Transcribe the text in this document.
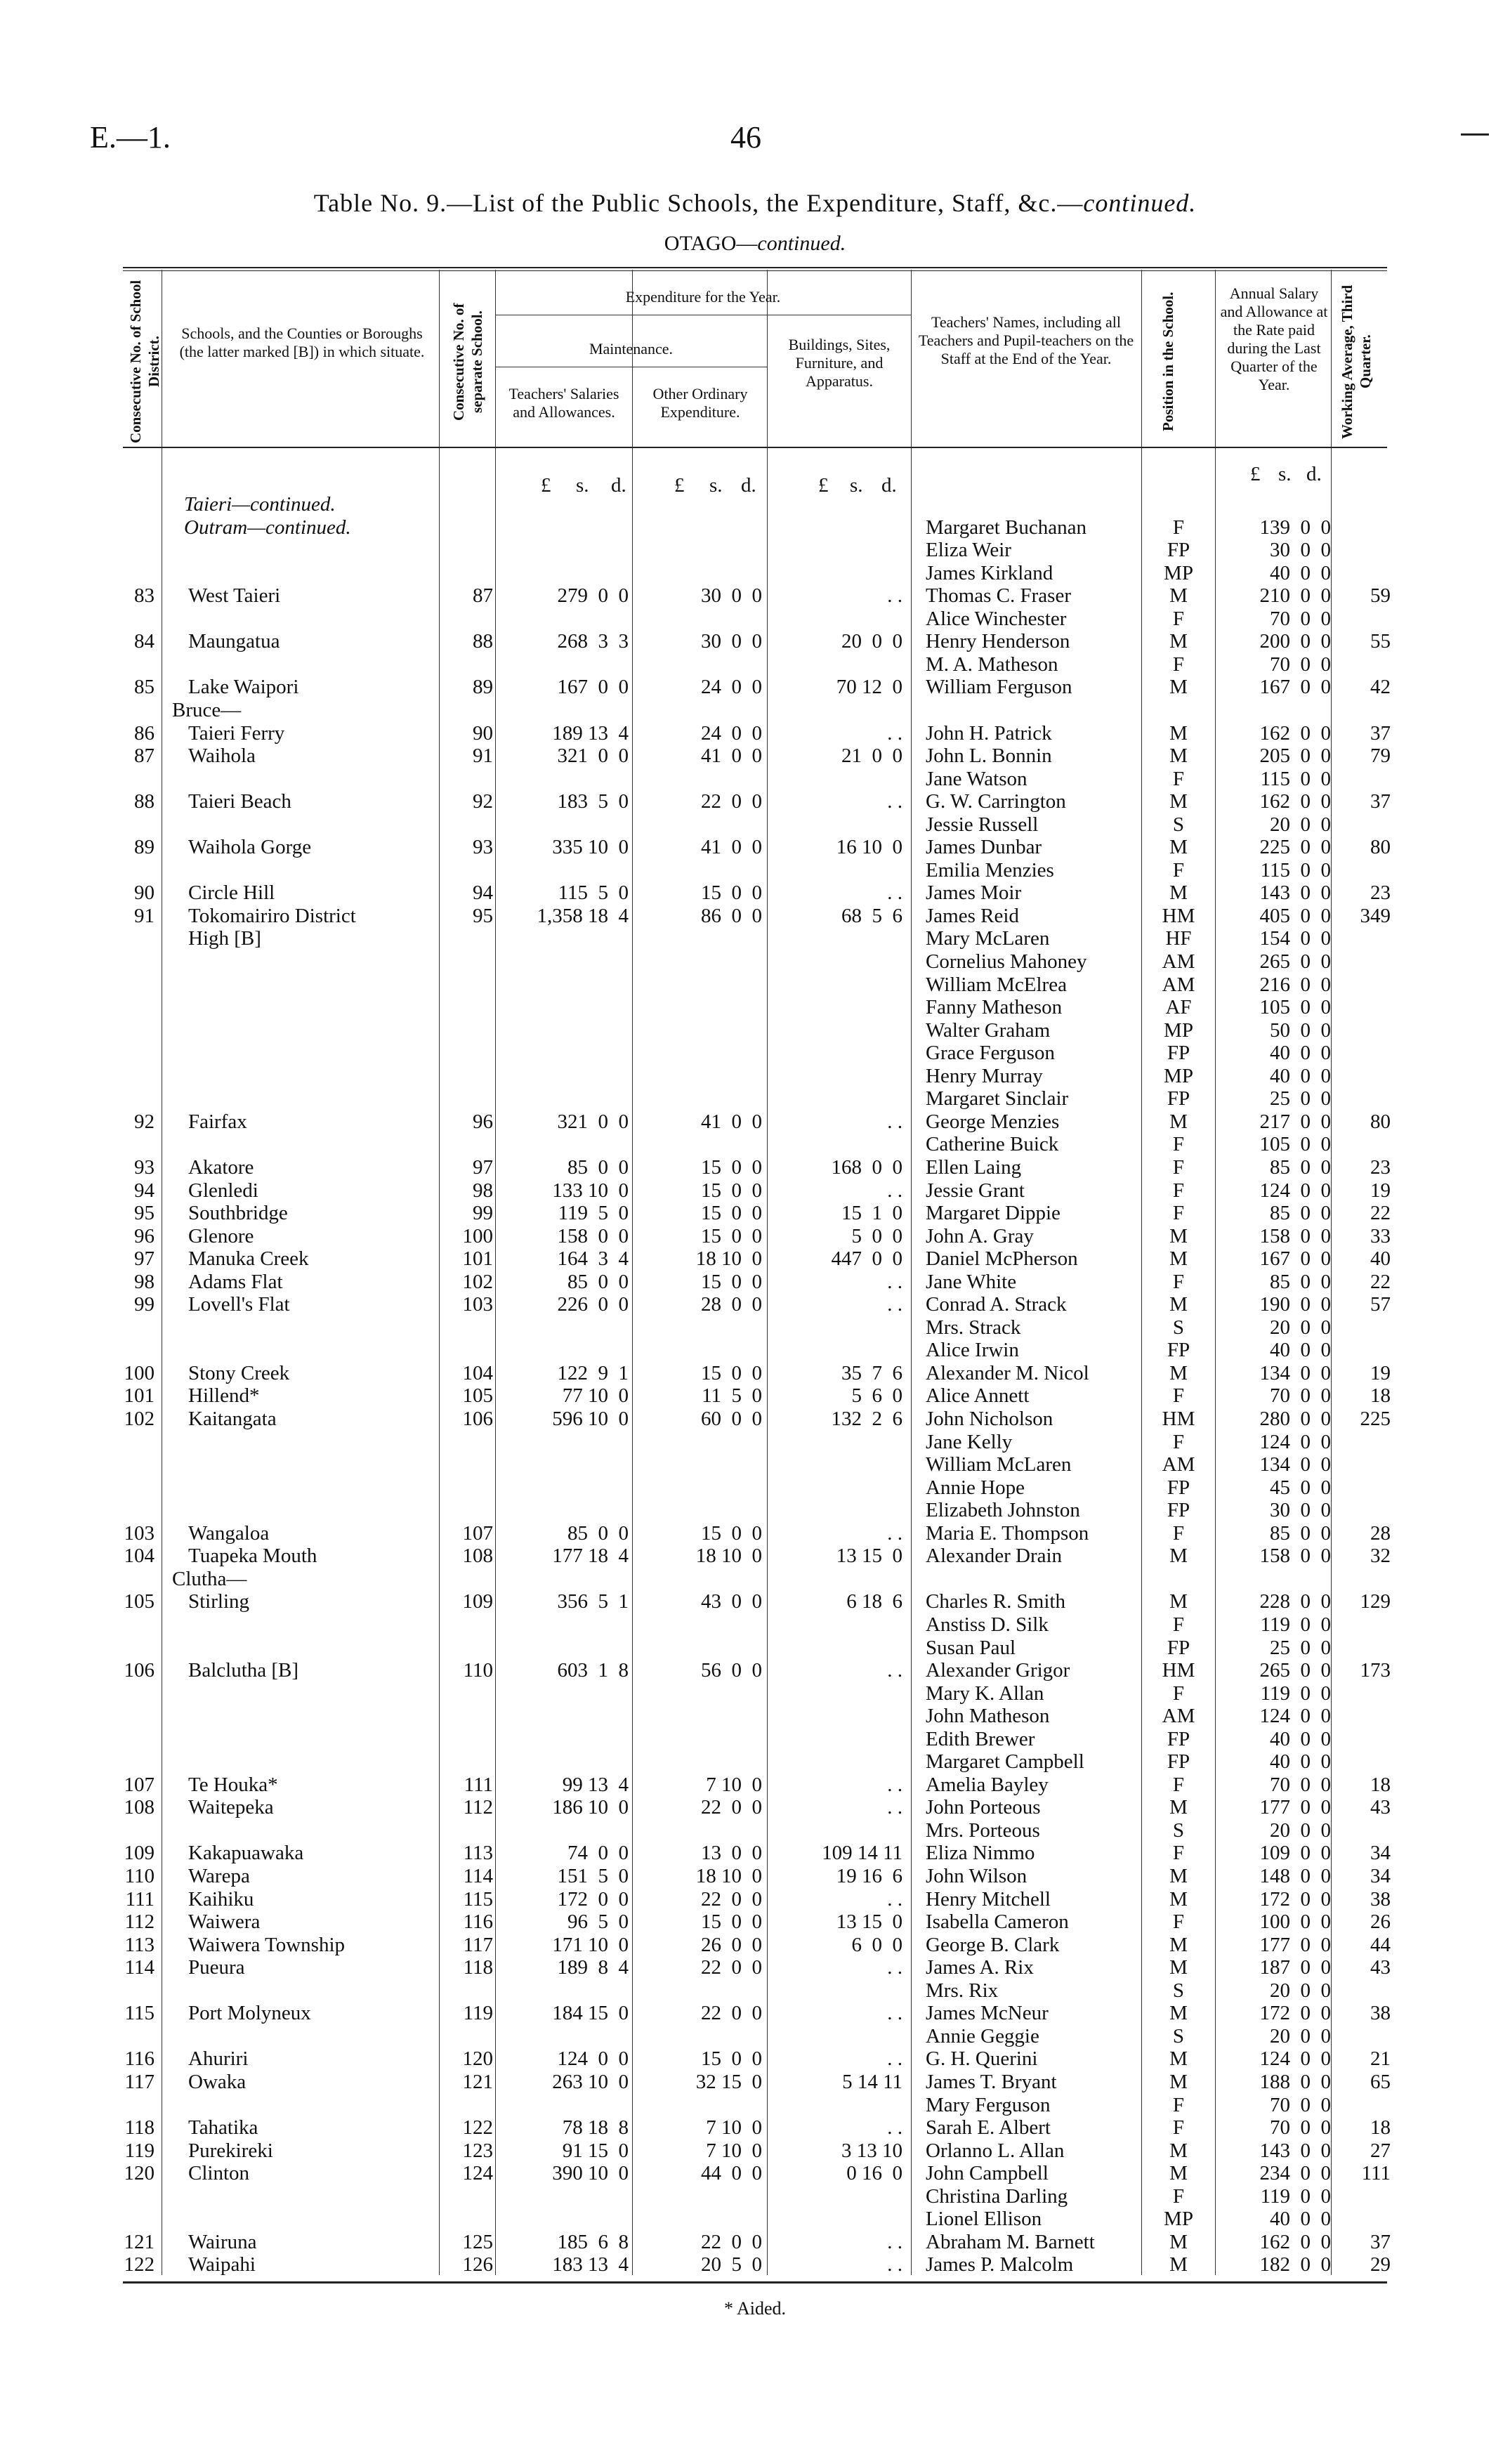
E.—1.	46
Table No. 9.—List of the Public Schools, the Expenditure, Staff, &c.—continued.
OTAGO—continued.
Consecutive No. of School District.
Schools, and the Counties or Boroughs (the latter marked [B]) in which situate.	Consecutive No. of separate School.
Expenditure for the Year.
Maintenance.
Teachers' Salaries and Allowances.
Other Ordinary Expenditure.
Buildings, Sites, Furniture, and Apparatus.
Teachers' Names, including all Teachers and Pupil-teachers on the Staff at the End of the Year.	Position in the School.	Annual Salary and Allowance at the Rate paid during the Last Quarter of the Year.	Working Average, Third Quarter.
£ s. d. £ s. d.	£ s. d.	£ s. d.
Taieri—continued.
Outram—continued.	Margaret Buchanan	F	139  0  0
Eliza Weir	FP	30  0  0
James Kirkland	MP	40  0  0
83 West Taieri	87	279  0  0	30  0  0	. . Thomas C. Fraser	M	210  0  0	59
Alice Winchester	F	70  0  0
84 Maungatua	88	268  3  3	30  0  0	20  0  0 Henry Henderson	M	200  0  0	55
M. A. Matheson	F	70  0  0
85 Lake Waipori	89	167  0  0	24  0  0	70 12  0 William Ferguson	M	167  0  0	42
Bruce—
86 Taieri Ferry	90	189 13  4	24  0  0	. . John H. Patrick	M	162  0  0	37
87 Waihola	91	321  0  0	41  0  0	21  0  0 John L. Bonnin	M	205  0  0	79
Jane Watson	F	115  0  0
88 Taieri Beach	92	183  5  0	22  0  0	. . G. W. Carrington	M	162  0  0	37
Jessie Russell	S	20  0  0
89 Waihola Gorge	93	335 10  0	41  0  0	16 10  0 James Dunbar	M	225  0  0	80
Emilia Menzies	F	115  0  0
90 Circle Hill	94	115  5  0	15  0  0	. . James Moir	M	143  0  0	23
91 Tokomairiro District	95	1,358 18  4	86  0  0	68  5  6 James Reid	HM	405  0  0	349
High [B]	Mary McLaren	HF	154  0  0
Cornelius Mahoney	AM	265  0  0
William McElrea	AM	216  0  0
Fanny Matheson	AF	105  0  0
Walter Graham	MP	50  0  0
Grace Ferguson	FP	40  0  0
Henry Murray	MP	40  0  0
Margaret Sinclair	FP	25  0  0
92 Fairfax	96	321  0  0	41  0  0	. . George Menzies	M	217  0  0	80
Catherine Buick	F	105  0  0
93 Akatore	97	85  0  0	15  0  0	168  0  0 Ellen Laing	F	85  0  0	23
94 Glenledi	98	133 10  0	15  0  0	. . Jessie Grant	F	124  0  0	19
95 Southbridge	99	119  5  0	15  0  0	15  1  0 Margaret Dippie	F	85  0  0	22
96 Glenore	100	158  0  0	15  0  0	5  0  0 John A. Gray	M	158  0  0	33
97 Manuka Creek	101	164  3  4	18 10  0	447  0  0 Daniel McPherson	M	167  0  0	40
98 Adams Flat	102	85  0  0	15  0  0	. . Jane White	F	85  0  0	22
99 Lovell's Flat	103	226  0  0	28  0  0	. . Conrad A. Strack	M	190  0  0	57
Mrs. Strack	S	20  0  0
Alice Irwin	FP	40  0  0
100 Stony Creek	104	122  9  1	15  0  0	35  7  6 Alexander M. Nicol	M	134  0  0	19
101 Hillend*	105	77 10  0	11  5  0	5  6  0 Alice Annett	F	70  0  0	18
102 Kaitangata	106	596 10  0	60  0  0	132  2  6 John Nicholson	HM	280  0  0	225
Jane Kelly	F	124  0  0
William McLaren	AM	134  0  0
Annie Hope	FP	45  0  0
Elizabeth Johnston	FP	30  0  0
103 Wangaloa	107	85  0  0	15  0  0	. . Maria E. Thompson	F	85  0  0	28
104 Tuapeka Mouth	108	177 18  4	18 10  0	13 15  0 Alexander Drain	M	158  0  0	32
Clutha—
105 Stirling	109	356  5  1	43  0  0	6 18  6 Charles R. Smith	M	228  0  0	129
Anstiss D. Silk	F	119  0  0
Susan Paul	FP	25  0  0
106 Balclutha [B]	110	603  1  8	56  0  0	. . Alexander Grigor	HM	265  0  0	173
Mary K. Allan	F	119  0  0
John Matheson	AM	124  0  0
Edith Brewer	FP	40  0  0
Margaret Campbell	FP	40  0  0
107 Te Houka*	111	99 13  4	7 10  0	. . Amelia Bayley	F	70  0  0	18
108 Waitepeka	112	186 10  0	22  0  0	. . John Porteous	M	177  0  0	43
Mrs. Porteous	S	20  0  0
109 Kakapuawaka	113	74  0  0	13  0  0	109 14 11 Eliza Nimmo	F	109  0  0	34
110 Warepa	114	151  5  0	18 10  0	19 16  6 John Wilson	M	148  0  0	34
111 Kaihiku	115	172  0  0	22  0  0	. . Henry Mitchell	M	172  0  0	38
112 Waiwera	116	96  5  0	15  0  0	13 15  0 Isabella Cameron	F	100  0  0	26
113 Waiwera Township	117	171 10  0	26  0  0	6  0  0 George B. Clark	M	177  0  0	44
114 Pueura	118	189  8  4	22  0  0	. . James A. Rix	M	187  0  0	43
Mrs. Rix	S	20  0  0
115 Port Molyneux	119	184 15  0	22  0  0	. . James McNeur	M	172  0  0	38
Annie Geggie	S	20  0  0
116 Ahuriri	120	124  0  0	15  0  0	. . G. H. Querini	M	124  0  0	21
117 Owaka	121	263 10  0	32 15  0	5 14 11 James T. Bryant	M	188  0  0	65
Mary Ferguson	F	70  0  0
118 Tahatika	122	78 18  8	7 10  0	. . Sarah E. Albert	F	70  0  0	18
119 Purekireki	123	91 15  0	7 10  0	3 13 10 Orlanno L. Allan	M	143  0  0	27
120 Clinton	124	390 10  0	44  0  0	0 16  0 John Campbell	M	234  0  0	111
Christina Darling	F	119  0  0
Lionel Ellison	MP	40  0  0
121 Wairuna	125	185  6  8	22  0  0	. . Abraham M. Barnett	M	162  0  0	37
122 Waipahi	126	183 13  4	20  5  0	. . James P. Malcolm	M	182  0  0	29
* Aided.
